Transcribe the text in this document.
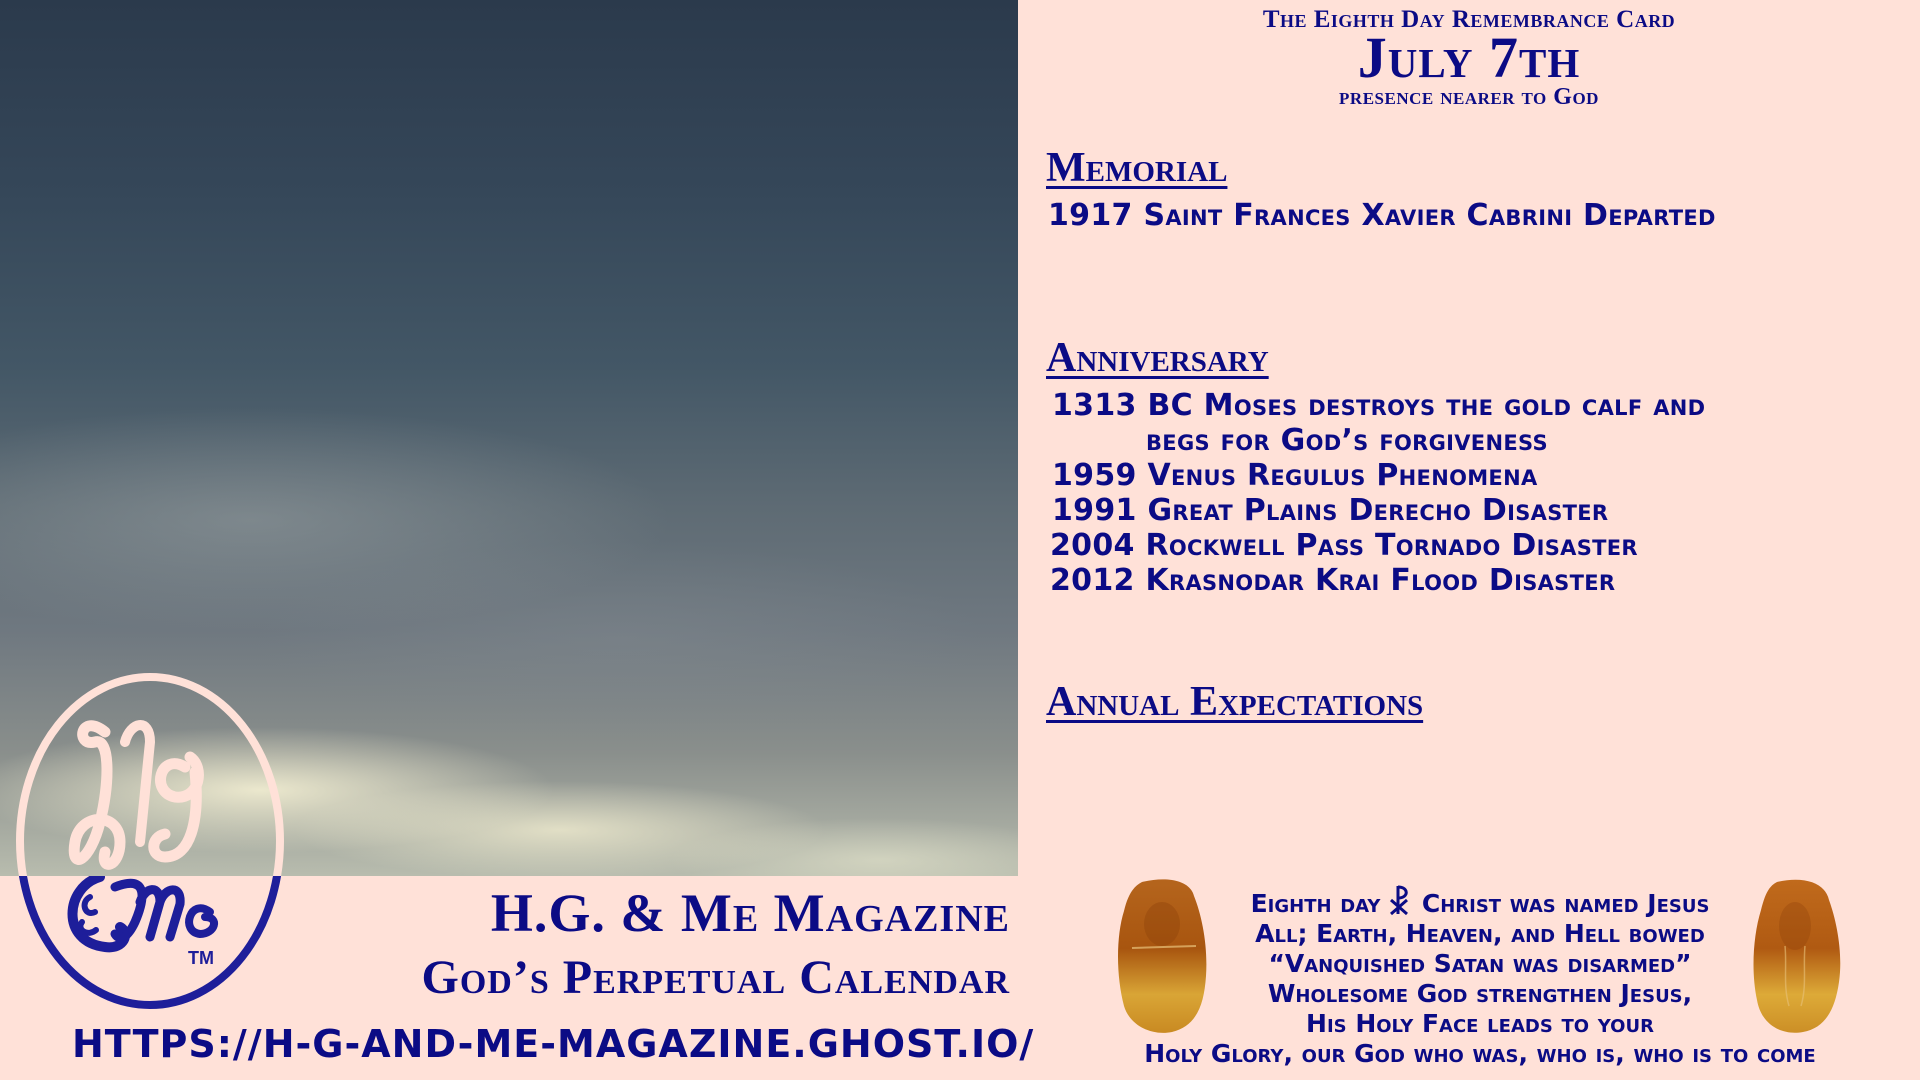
TM
H.G. & Me Magazine
God’s Perpetual Calendar
HTTPS://H-G-AND-ME-MAGAZINE.GHOST.IO/
The Eighth Day Remembrance Card
July 7th
presence nearer to God
Memorial
1917 Saint Frances Xavier Cabrini Departed
Anniversary
1313 BC Moses destroys the gold calf and
begs for God’s forgiveness
1959 Venus Regulus Phenomena
1991 Great Plains Derecho Disaster
2004 Rockwell Pass Tornado Disaster
2012 Krasnodar Krai Flood Disaster
Annual Expectations
Eighth day Christ was named Jesus
All; Earth, Heaven, and Hell bowed
“Vanquished Satan was disarmed”
Wholesome God strengthen Jesus,
His Holy Face leads to your
Holy Glory, our God who was, who is, who is to come
